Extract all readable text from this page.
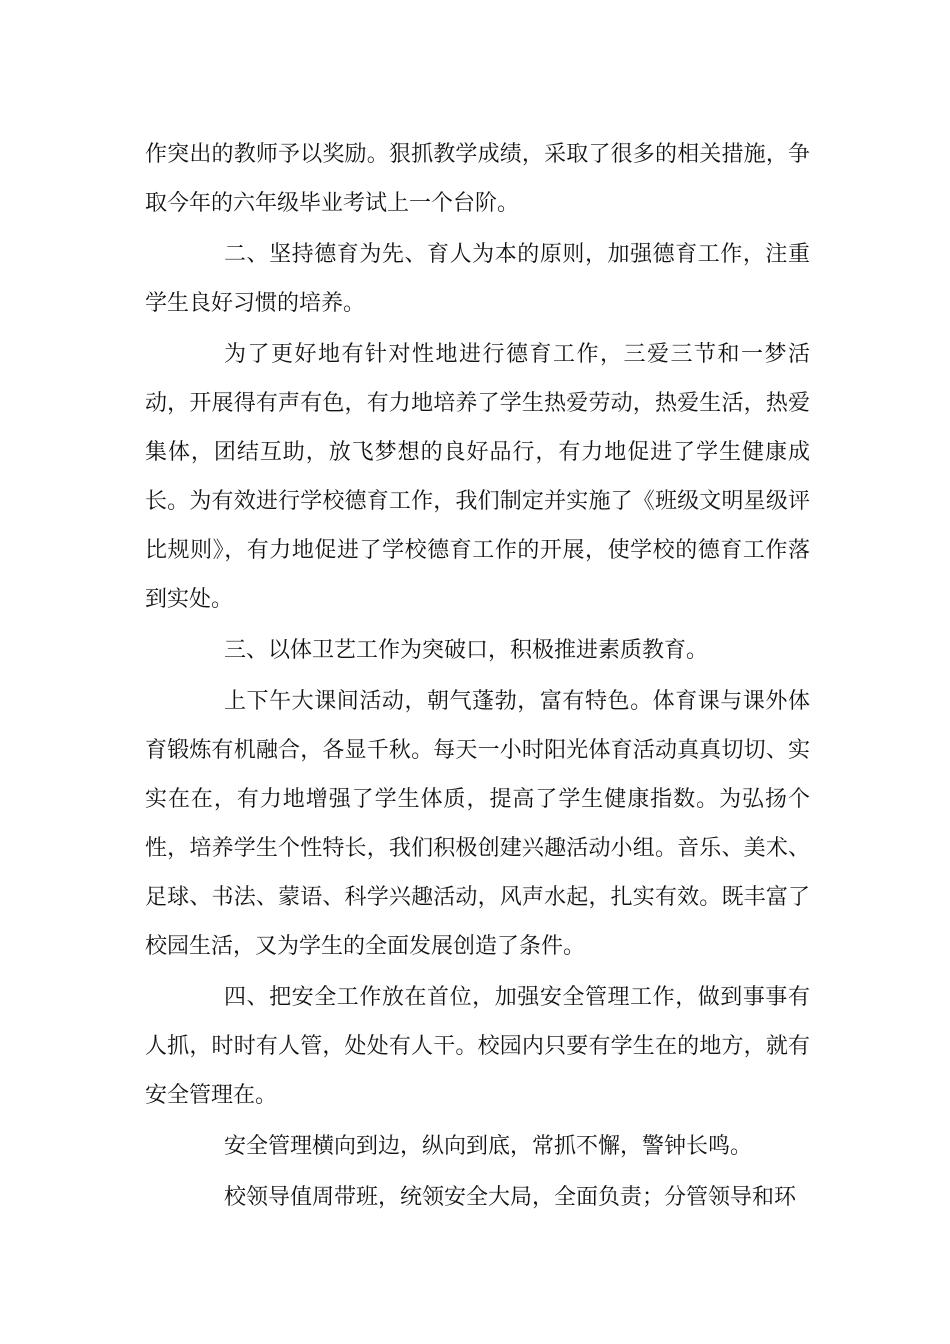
作突出的教师予以奖励。狠抓教学成绩，采取了很多的相关措施，争取今年的六年级毕业考试上一个台阶。

二、坚持德育为先、育人为本的原则，加强德育工作，注重学生良好习惯的培养。

为了更好地有针对性地进行德育工作，三爱三节和一梦活动，开展得有声有色，有力地培养了学生热爱劳动，热爱生活，热爱集体，团结互助，放飞梦想的良好品行，有力地促进了学生健康成长。为有效进行学校德育工作，我们制定并实施了《班级文明星级评比规则》，有力地促进了学校德育工作的开展，使学校的德育工作落到实处。

三、以体卫艺工作为突破口，积极推进素质教育。

上下午大课间活动，朝气蓬勃，富有特色。体育课与课外体育锻炼有机融合，各显千秋。每天一小时阳光体育活动真真切切、实实在在，有力地增强了学生体质，提高了学生健康指数。为弘扬个性，培养学生个性特长，我们积极创建兴趣活动小组。音乐、美术、足球、书法、蒙语、科学兴趣活动，风声水起，扎实有效。既丰富了校园生活，又为学生的全面发展创造了条件。

四、把安全工作放在首位，加强安全管理工作，做到事事有人抓，时时有人管，处处有人干。校园内只要有学生在的地方，就有安全管理在。

安全管理横向到边，纵向到底，常抓不懈，警钟长鸣。

校领导值周带班，统领安全大局，全面负责；分管领导和环
